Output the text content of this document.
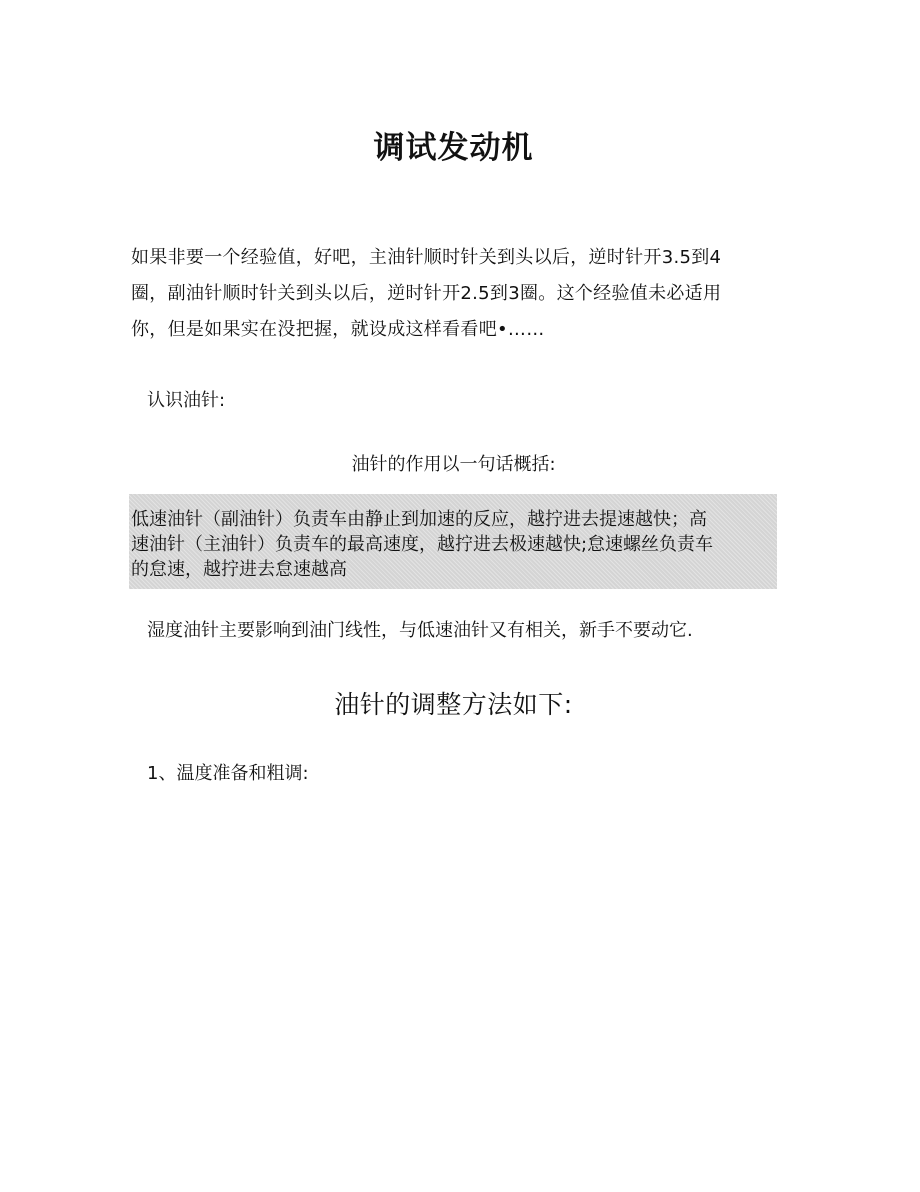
调试发动机

如果非要一个经验值，好吧，主油针顺时针关到头以后，逆时针开3.5到4

圈，副油针顺时针关到头以后，逆时针开2.5到3圈。这个经验值未必适用

你，但是如果实在没把握，就设成这样看看吧•……

认识油针:
油针的作用以一句话概括:

低速油针（副油针）负责车由静止到加速的反应，越拧进去提速越快；高

速油针（主油针）负责车的最高速度，越拧进去极速越快;怠速螺丝负责车

的怠速，越拧进去怠速越高

湿度油针主要影响到油门线性，与低速油针又有相关，新手不要动它.
油针的调整方法如下:
1、温度准备和粗调:
